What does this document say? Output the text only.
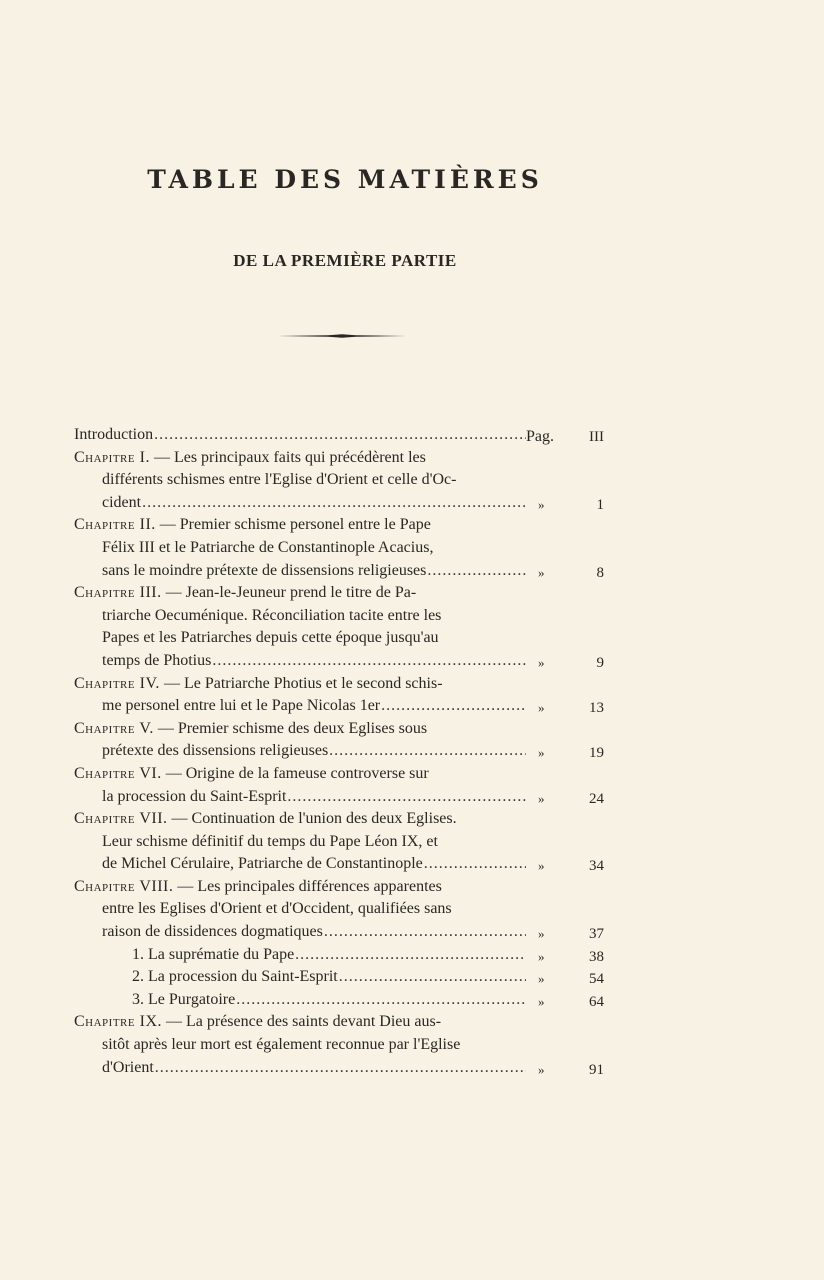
TABLE DES MATIÈRES
DE LA PREMIÈRE PARTIE
Introduction .....	Pag.	III
Chapitre I. — Les principaux faits qui précédèrent les
différents schismes entre l'Eglise d'Orient et celle d'Oc-
cident .....	»	1
Chapitre II. — Premier schisme personel entre le Pape
Félix III et le Patriarche de Constantinople Acacius,
sans le moindre prétexte de dissensions religieuses .....	»	8
Chapitre III. — Jean-le-Jeuneur prend le titre de Pa-
triarche Oecuménique. Réconciliation tacite entre les
Papes et les Patriarches depuis cette époque jusqu'au
temps de Photius .....	»	9
Chapitre IV. — Le Patriarche Photius et le second schis-
me personel entre lui et le Pape Nicolas 1er .....	»	13
Chapitre V. — Premier schisme des deux Eglises sous
prétexte des dissensions religieuses .....	»	19
Chapitre VI. — Origine de la fameuse controverse sur
la procession du Saint-Esprit .....	»	24
Chapitre VII. — Continuation de l'union des deux Eglises.
Leur schisme définitif du temps du Pape Léon IX, et
de Michel Cérulaire, Patriarche de Constantinople .....	»	34
Chapitre VIII. — Les principales différences apparentes
entre les Eglises d'Orient et d'Occident, qualifiées sans
raison de dissidences dogmatiques .....	»	37
1. La suprématie du Pape .....	»	38
2. La procession du Saint-Esprit .....	»	54
3. Le Purgatoire .....	»	64
Chapitre IX. — La présence des saints devant Dieu aus-
sitôt après leur mort est également reconnue par l'Eglise
d'Orient .....	»	91
